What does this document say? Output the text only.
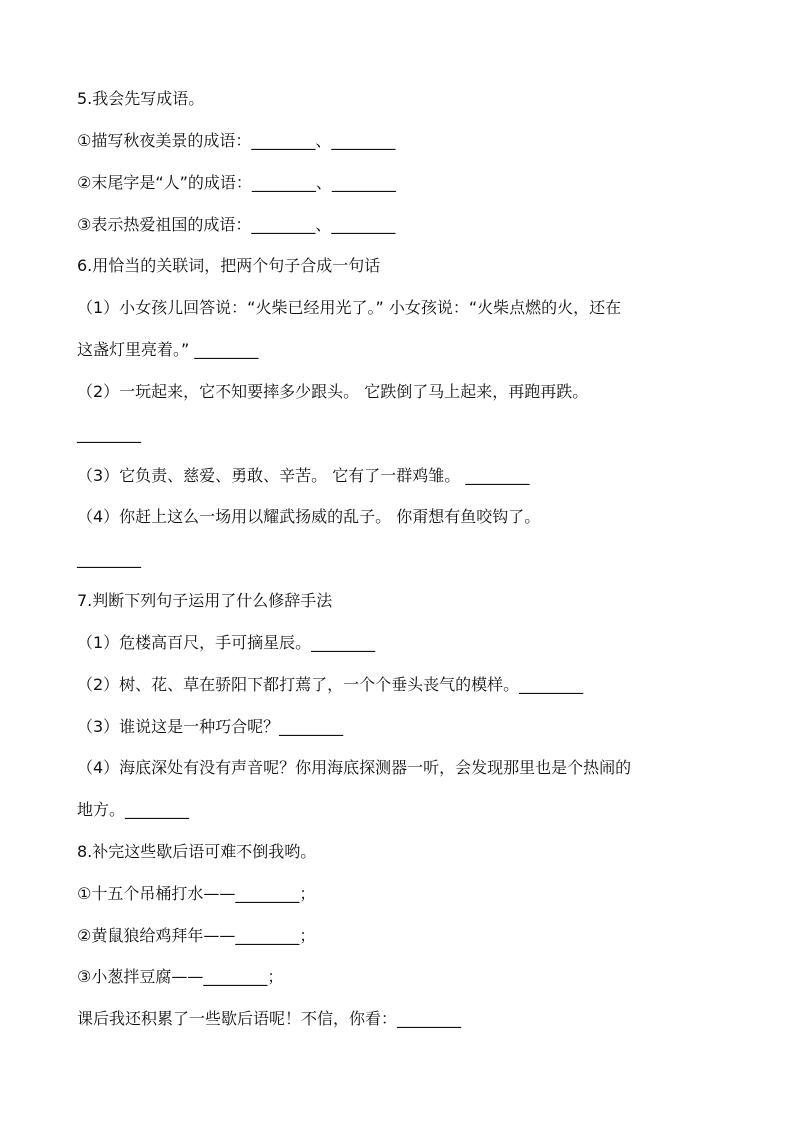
5.我会先写成语。
①描写秋夜美景的成语：________、________
②末尾字是“人”的成语：________、________
③表示热爱祖国的成语：________、________
6.用恰当的关联词，把两个句子合成一句话
（1）小女孩儿回答说：“火柴已经用光了。” 小女孩说：“火柴点燃的火，还在
这盏灯里亮着。” ________
（2）一玩起来，它不知要摔多少跟头。 它跌倒了马上起来，再跑再跌。
________
（3）它负责、慈爱、勇敢、辛苦。 它有了一群鸡雏。 ________
（4）你赶上这么一场用以耀武扬威的乱子。 你甭想有鱼咬钩了。
________
7.判断下列句子运用了什么修辞手法
（1）危楼高百尺，手可摘星辰。________
（2）树、花、草在骄阳下都打蔫了，一个个垂头丧气的模样。________
（3）谁说这是一种巧合呢？________
（4）海底深处有没有声音呢？你用海底探测器一听，会发现那里也是个热闹的
地方。________
8.补完这些歇后语可难不倒我哟。
①十五个吊桶打水——________；
②黄鼠狼给鸡拜年——________；
③小葱拌豆腐——________；
课后我还积累了一些歇后语呢！不信，你看：________
